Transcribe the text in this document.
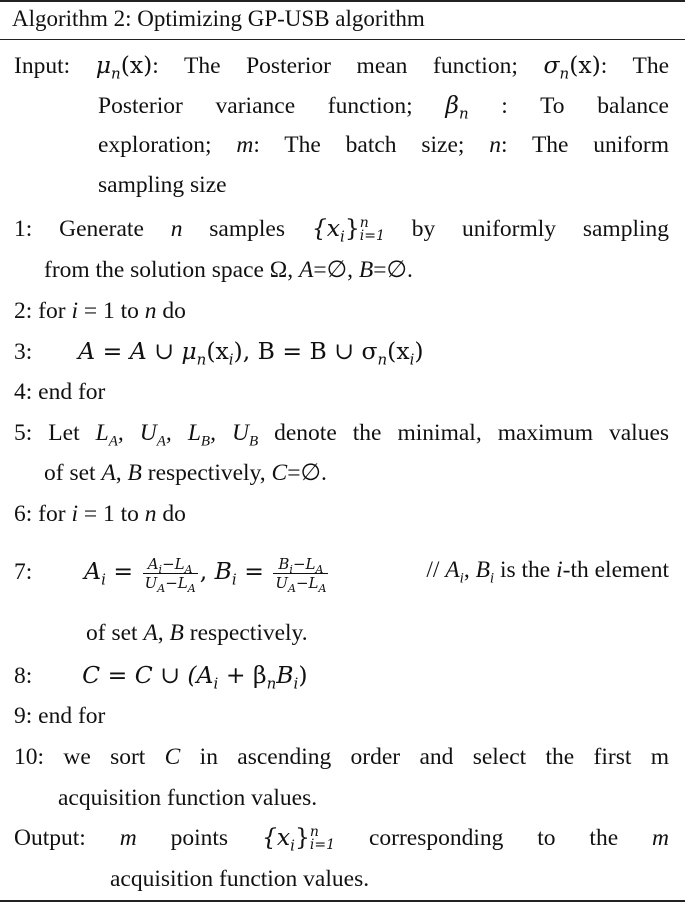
Algorithm 2: Optimizing GP-USB algorithm
Input: $\mu_n(x)$: The Posterior mean function; $\sigma_n(x)$: The
Posterior variance function; $\beta_n$ : To balance
exploration; m: The batch size; n: The uniform
sampling size
1: Generate n samples $\{x_i\}$ n
i=1 by uniformly sampling
from the solution space Ω, A=∅, B=∅.
2: for i = 1 to n do
3: A = A ∪ $\mu_n(x_i)$, B = B ∪ $\sigma_n(x_i)$
4: end for
5: Let $L_A$, $U_A$, $L_B$, $U_B$ denote the minimal, maximum values
of set A, B respectively, C=∅.
6: for i = 1 to n do
7: $A_i = \frac{A_i-L_A}{U_A-L_A}$ , $B_i = \frac{B_i-L_A}{U_A-L_A}$	// $A_i$, $B_i$ is the i-th element
of set A, B respectively.
8: C = C ∪ $(A_i + \beta_nB_i)$
9: end for
10: we sort C in ascending order and select the first m
acquisition function values.
Output: m points $\{x_i\}$ n
i=1 corresponding to the m
acquisition function values.
